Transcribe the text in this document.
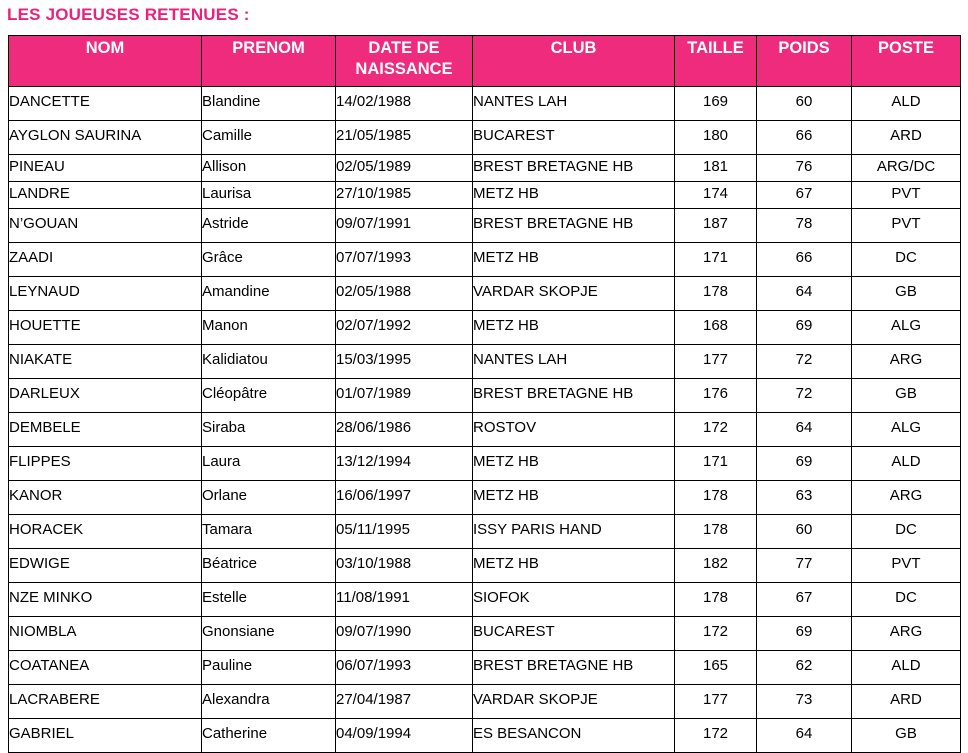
LES JOUEUSES RETENUES :
NOM	PRENOM	DATE DE NAISSANCE	CLUB	TAILLE	POIDS	POSTE
DANCETTE	Blandine	14/02/1988	NANTES LAH	169	60	ALD
AYGLON SAURINA	Camille	21/05/1985	BUCAREST	180	66	ARD
PINEAU	Allison	02/05/1989	BREST BRETAGNE HB	181	76	ARG/DC
LANDRE	Laurisa	27/10/1985	METZ HB	174	67	PVT
N’GOUAN	Astride	09/07/1991	BREST BRETAGNE HB	187	78	PVT
ZAADI	Grâce	07/07/1993	METZ HB	171	66	DC
LEYNAUD	Amandine	02/05/1988	VARDAR SKOPJE	178	64	GB
HOUETTE	Manon	02/07/1992	METZ HB	168	69	ALG
NIAKATE	Kalidiatou	15/03/1995	NANTES LAH	177	72	ARG
DARLEUX	Cléopâtre	01/07/1989	BREST BRETAGNE HB	176	72	GB
DEMBELE	Siraba	28/06/1986	ROSTOV	172	64	ALG
FLIPPES	Laura	13/12/1994	METZ HB	171	69	ALD
KANOR	Orlane	16/06/1997	METZ HB	178	63	ARG
HORACEK	Tamara	05/11/1995	ISSY PARIS HAND	178	60	DC
EDWIGE	Béatrice	03/10/1988	METZ HB	182	77	PVT
NZE MINKO	Estelle	11/08/1991	SIOFOK	178	67	DC
NIOMBLA	Gnonsiane	09/07/1990	BUCAREST	172	69	ARG
COATANEA	Pauline	06/07/1993	BREST BRETAGNE HB	165	62	ALD
LACRABERE	Alexandra	27/04/1987	VARDAR SKOPJE	177	73	ARD
GABRIEL	Catherine	04/09/1994	ES BESANCON	172	64	GB
